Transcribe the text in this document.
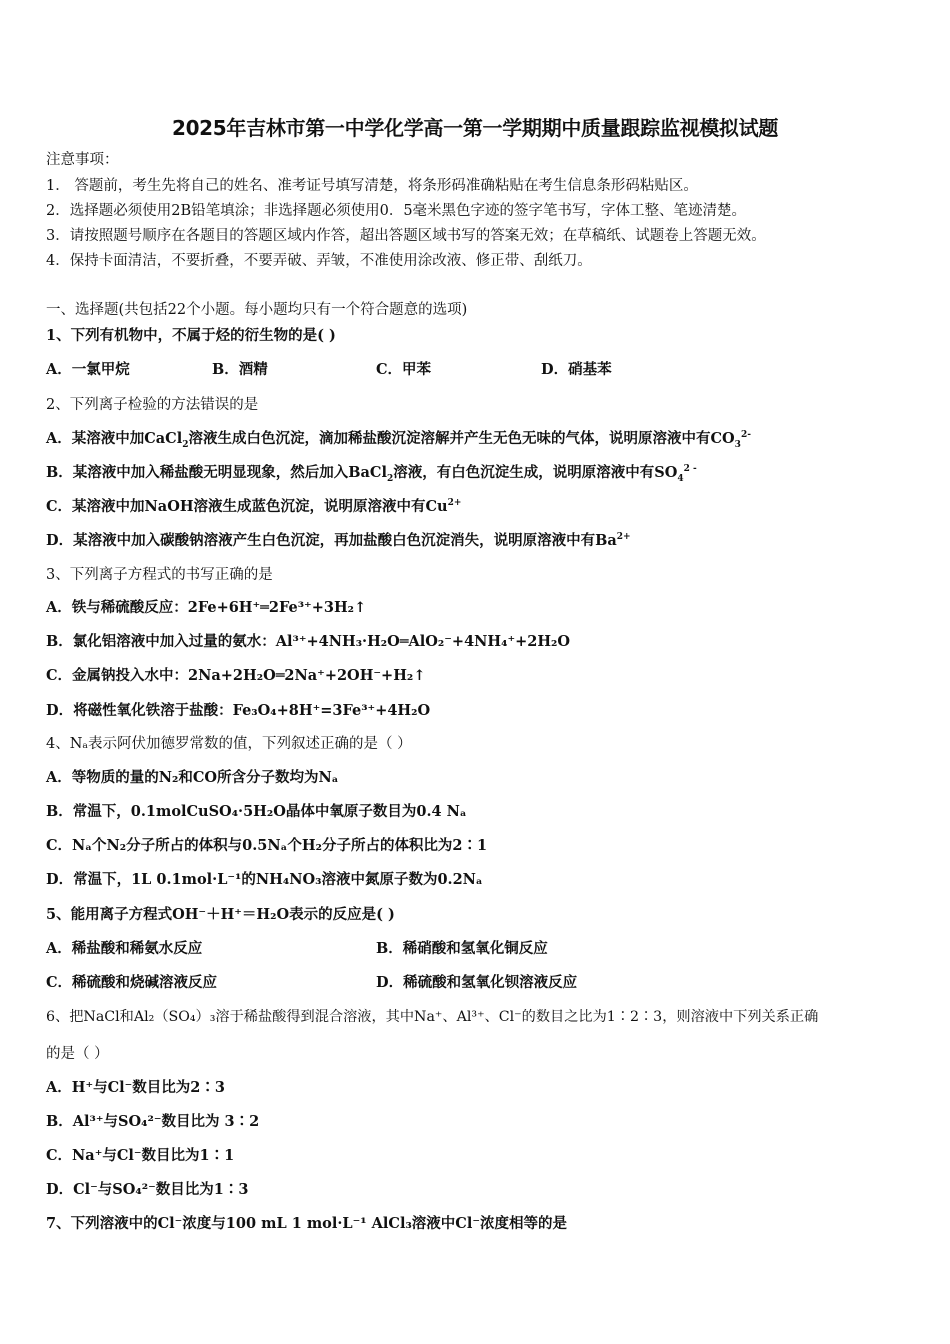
2025年吉林市第一中学化学高一第一学期期中质量跟踪监视模拟试题
注意事项：
1． 答题前，考生先将自己的姓名、准考证号填写清楚，将条形码准确粘贴在考生信息条形码粘贴区。
2．选择题必须使用2B铅笔填涂；非选择题必须使用0．5毫米黑色字迹的签字笔书写，字体工整、笔迹清楚。
3．请按照题号顺序在各题目的答题区域内作答，超出答题区域书写的答案无效；在草稿纸、试题卷上答题无效。
4．保持卡面清洁，不要折叠，不要弄破、弄皱，不准使用涂改液、修正带、刮纸刀。
一、选择题(共包括22个小题。每小题均只有一个符合题意的选项)
1、下列有机物中，不属于烃的衍生物的是( )
A．一氯甲烷	B．酒精	C．甲苯	D．硝基苯
2、下列离子检验的方法错误的是
A．某溶液中加CaCl$_2$溶液生成白色沉淀，滴加稀盐酸沉淀溶解并产生无色无味的气体，说明原溶液中有$CO_3^{2-}$
B．某溶液中加入稀盐酸无明显现象，然后加入BaCl$_2$溶液，有白色沉淀生成，说明原溶液中有$SO_4^{2 -}$
C．某溶液中加NaOH溶液生成蓝色沉淀，说明原溶液中有$Cu^{2+}$
D．某溶液中加入碳酸钠溶液产生白色沉淀，再加盐酸白色沉淀消失，说明原溶液中有$Ba^{2+}$
3、下列离子方程式的书写正确的是
A．铁与稀硫酸反应：2Fe+6H⁺═2Fe³⁺+3H₂↑
B．氯化铝溶液中加入过量的氨水：Al³⁺+4NH₃·H₂O═AlO₂⁻+4NH₄⁺+2H₂O
C．金属钠投入水中：2Na+2H₂O═2Na⁺+2OH⁻+H₂↑
D．将磁性氧化铁溶于盐酸：Fe₃O₄+8H⁺=3Fe³⁺+4H₂O
4、Nₐ表示阿伏加德罗常数的值，下列叙述正确的是（ ）
A．等物质的量的N₂和CO所含分子数均为Nₐ
B．常温下，0.1molCuSO₄·5H₂O晶体中氧原子数目为0.4 Nₐ
C．Nₐ个N₂分子所占的体积与0.5Nₐ个H₂分子所占的体积比为2∶1
D．常温下，1L 0.1mol·L⁻¹的NH₄NO₃溶液中氮原子数为0.2Nₐ
5、能用离子方程式OH⁻＋H⁺＝H₂O表示的反应是( )
A．稀盐酸和稀氨水反应	B．稀硝酸和氢氧化铜反应
C．稀硫酸和烧碱溶液反应	D．稀硫酸和氢氧化钡溶液反应
6、把NaCl和Al₂（SO₄）₃溶于稀盐酸得到混合溶液，其中Na⁺、Al³⁺、Cl⁻的数目之比为1∶2∶3，则溶液中下列关系正确
的是（ ）
A．H⁺与Cl⁻数目比为2∶3
B．Al³⁺与SO₄²⁻数目比为 3∶2
C．Na⁺与Cl⁻数目比为1∶1
D．Cl⁻与SO₄²⁻数目比为1∶3
7、下列溶液中的Cl⁻浓度与100 mL 1 mol·L⁻¹ AlCl₃溶液中Cl⁻浓度相等的是
